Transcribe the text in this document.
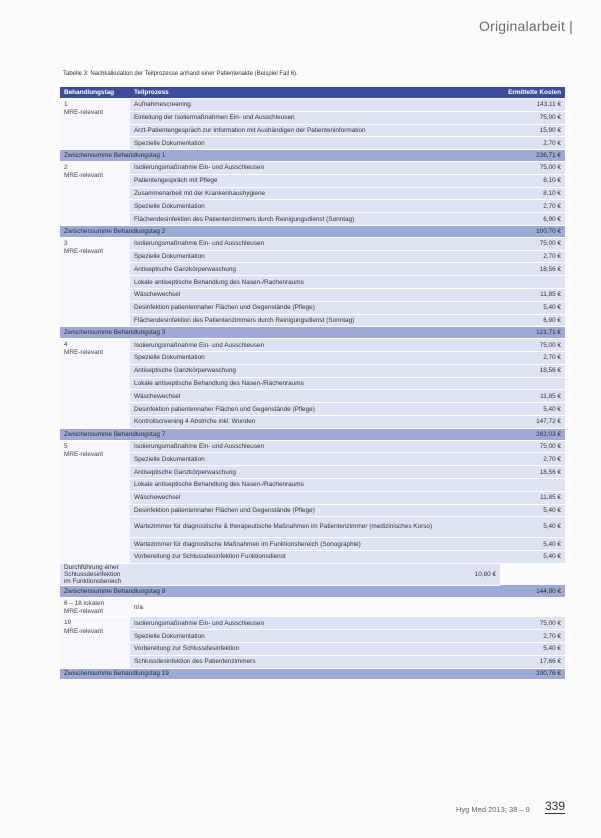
Originalarbeit |
Tabelle 3: Nachkalkulation der Teilprozesse anhand einer Patientenakte (Beispiel Fall 6).
Behandlungstag	Teilprozess	Ermittelte Kosten

1
MRE-relevant	Aufnahmescreening	143,11 €
	Einleitung der Isoliermaßnahmen Ein- und Ausschleusen	75,00 €
	Arzt-Patientengespräch zur Information mit Aushändigen der Patienteninformation	15,90 €
	Spezielle Dokumentation	2,70 €
Zwischensumme Behandlungstag 1		236,71 €

2
MRE-relevant	Isolierungsmaßnahme Ein- und Ausschleusen	75,00 €
	Patientengespräch mit Pflege	8,10 €
	Zusammenarbeit mit der Krankenhaushygiene	8,10 €
	Spezielle Dokumentation	2,70 €
	Flächendesinfektion des Patientenzimmers durch Reinigungsdienst (Sonntag)	6,90 €
Zwischensumme Behandlungstag 2		100,70 €

3
MRE-relevant	Isolierungsmaßnahme Ein- und Ausschleusen	75,00 €
	Spezielle Dokumentation	2,70 €
	Antiseptische Ganzkörperwaschung	18,56 €
	Lokale antiseptische Behandlung des Nasen-/Rachenraums	
	Wäschewechsel	11,85 €
	Desinfektion patientennaher Flächen und Gegenstände (Pflege)	5,40 €
	Flächendesinfektion des Patientenzimmers durch Reinigungsdienst (Sonntag)	6,90 €
Zwischensumme Behandlungstag 3		121,71 €

4
MRE-relevant	Isolierungsmaßnahme Ein- und Ausschleusen	75,00 €
	Spezielle Dokumentation	2,70 €
	Antiseptische Ganzkörperwaschung	18,56 €
	Lokale antiseptische Behandlung des Nasen-/Rachenraums	
	Wäschewechsel	11,85 €
	Desinfektion patientennaher Flächen und Gegenstände (Pflege)	5,40 €
	Kontrollscreening 4 Abstriche inkl. Wunden	147,72 €
Zwischensumme Behandlungstag 7		262,03 €

5
MRE-relevant	Isolierungsmaßnahme Ein- und Ausschleusen	75,00 €
	Spezielle Dokumentation	2,70 €
	Antiseptische Ganzkörperwaschung	18,56 €
	Lokale antiseptische Behandlung des Nasen-/Rachenraums	
	Wäschewechsel	11,85 €
	Desinfektion patientennaher Flächen und Gegenstände (Pflege)	5,40 €
	Wartezimmer für diagnostische & therapeutische Maßnahmen im Patientenzimmer (medizinisches Korso)	5,40 €
	Wartezimmer für diagnostische Maßnahmen im Funktionsbereich (Sonographie)	5,40 €
	Vorbereitung zur Schlussdesinfektion Funktionsdienst	5,40 €
Durchführung einer Schlussdesinfektion im Funktionsbereich	10,80 €	
Zwischensumme Behandlungstag 8		144,80 €

6 – 18 lokaten
MRE-relevant	n/a	

19
MRE-relevant	Isolierungsmaßnahme Ein- und Ausschleusen	75,00 €
	Spezielle Dokumentation	2,70 €
	Vorbereitung zur Schlussdesinfektion	5,40 €
	Schlussdesinfektion des Patientenzimmers	17,66 €
Zwischensumme Behandlungstag 19		100,76 €
Hyg Med 2013; 38 – 9 339
